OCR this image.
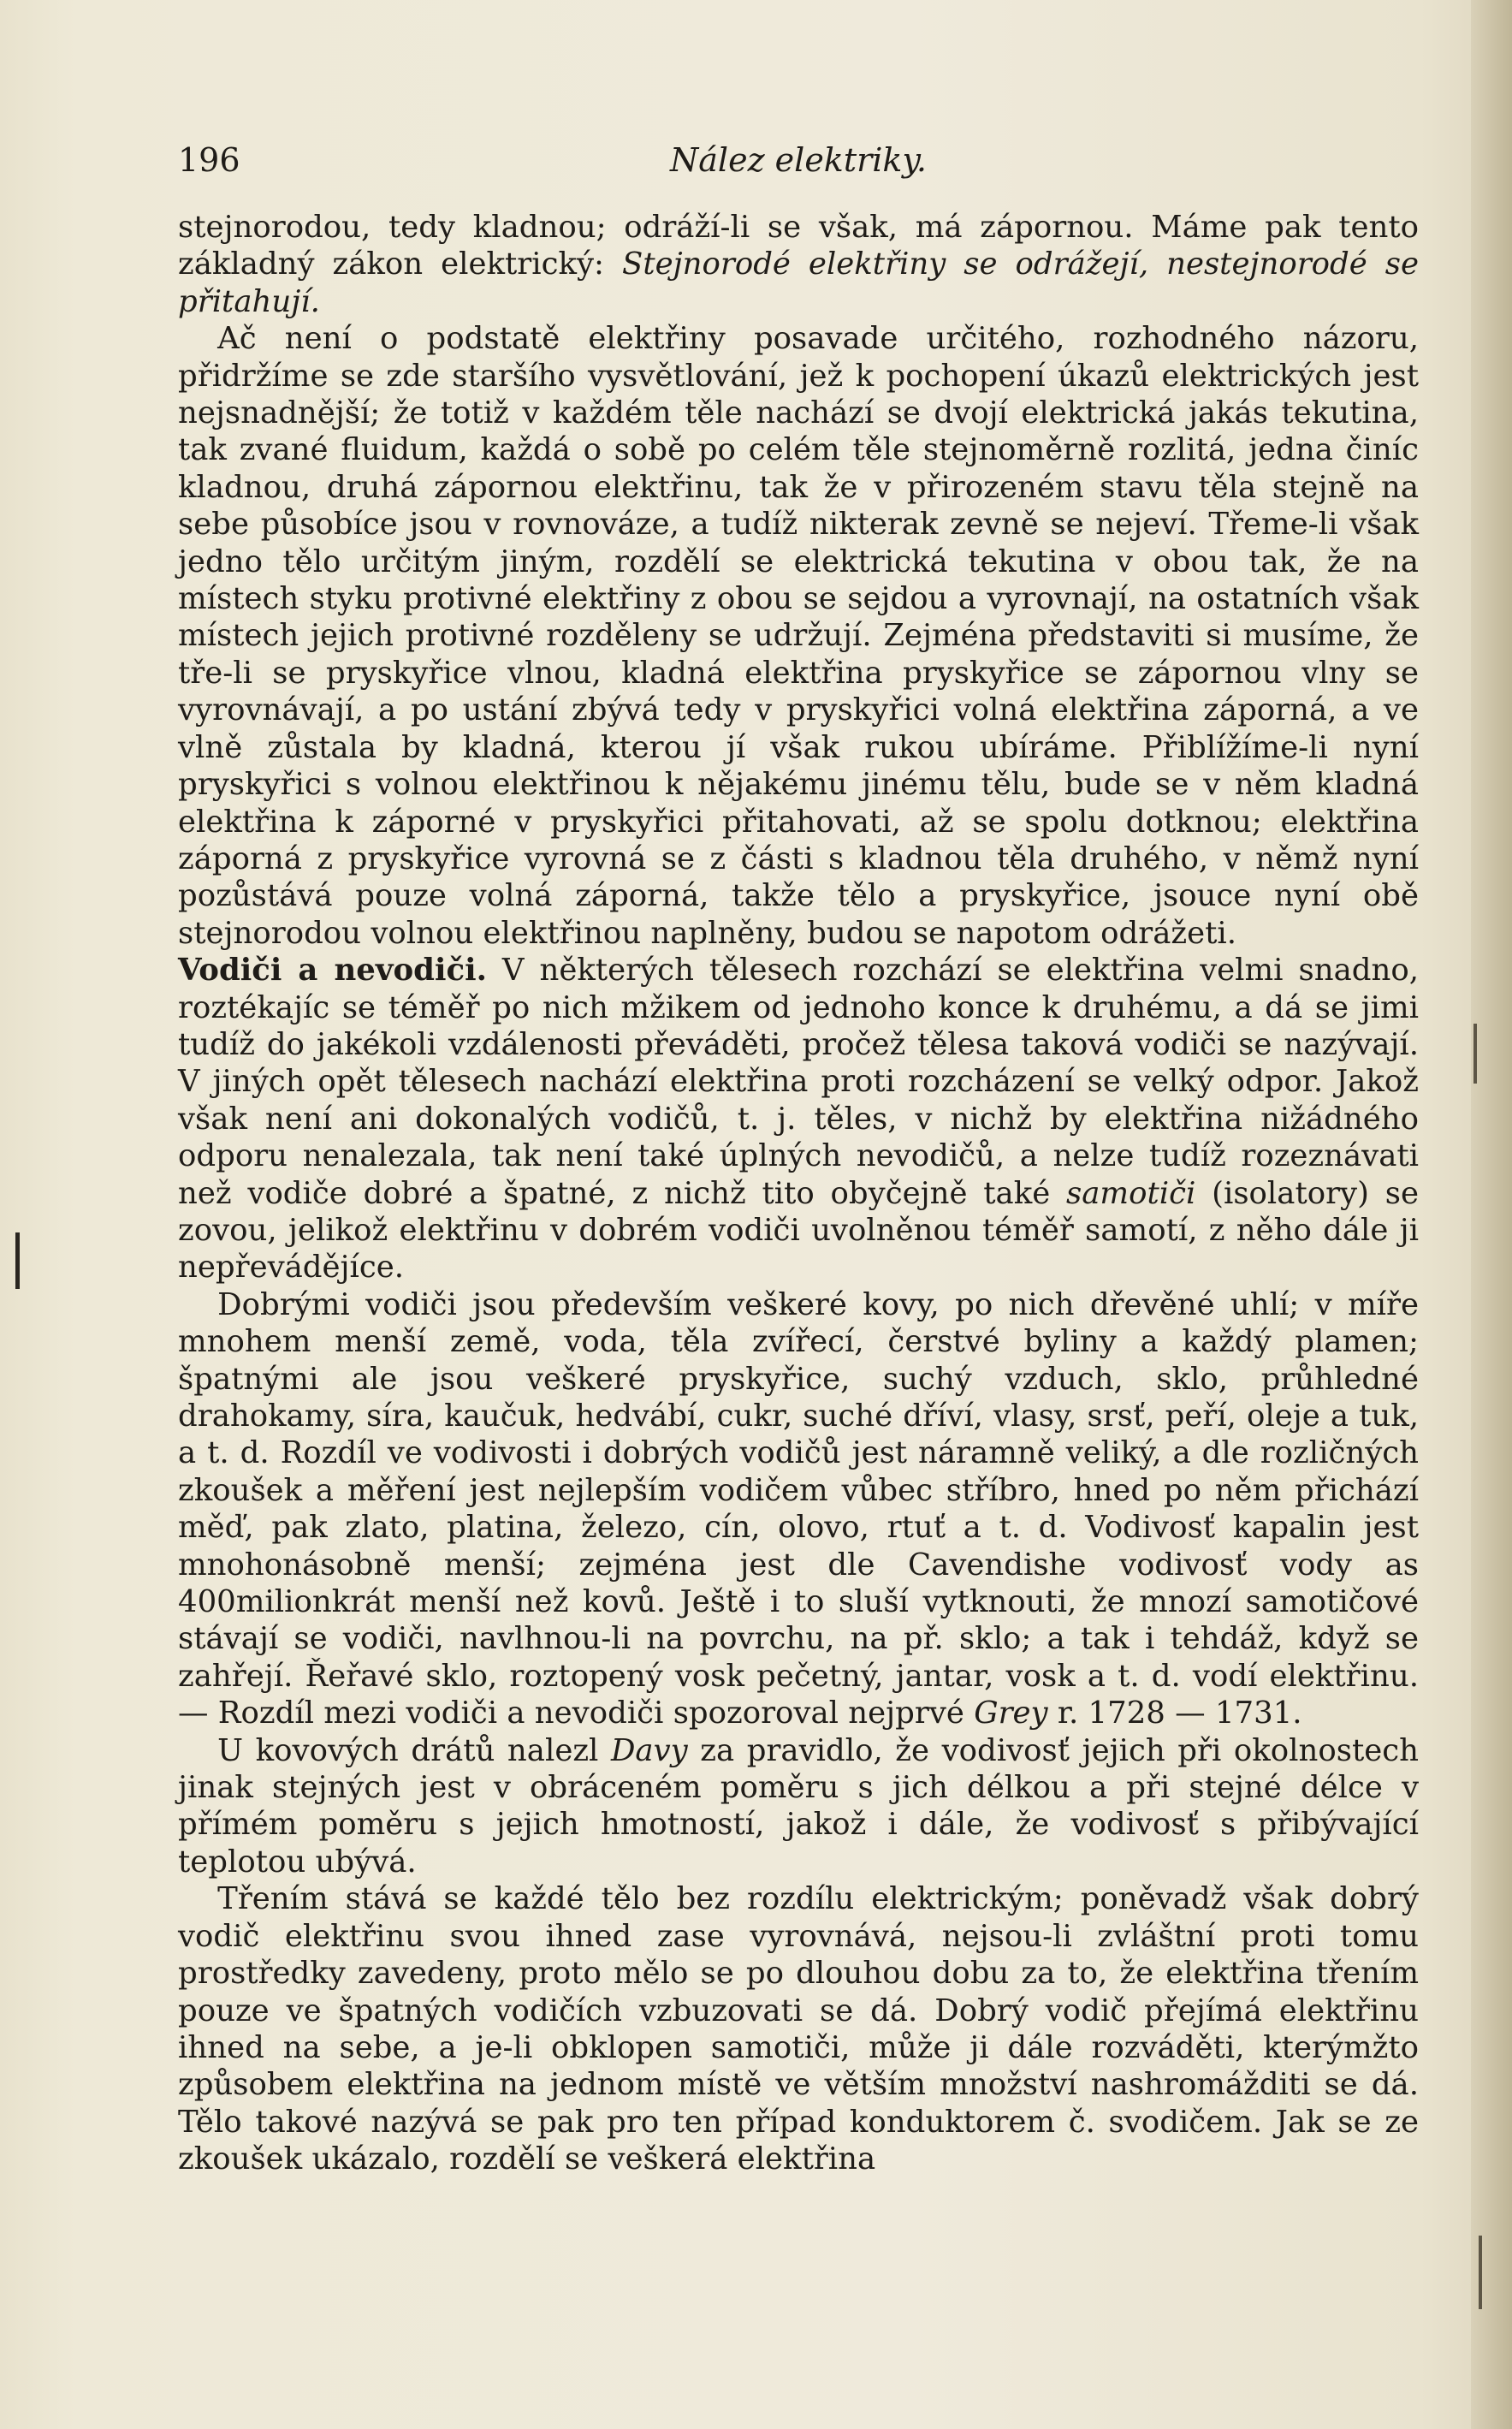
196	Nález elektriky.

stejnorodou, tedy kladnou; odráží-li se však, má zápornou. Máme pak tento základný zákon elektrický: Stejnorodé elektřiny se odrážejí, nestejnorodé se přitahují.

Ač není o podstatě elektřiny posavade určitého, rozhodného názoru, přidržíme se zde staršího vysvětlování, jež k pochopení úkazů elektrických jest nejsnadnější; že totiž v každém těle nachází se dvojí elektrická jakás tekutina, tak zvané fluidum, každá o sobě po celém těle stejnoměrně rozlitá, jedna činíc kladnou, druhá zápornou elektřinu, tak že v přirozeném stavu těla stejně na sebe působíce jsou v rovnováze, a tudíž nikterak zevně se nejeví. Třeme-li však jedno tělo určitým jiným, rozdělí se elektrická tekutina v obou tak, že na místech styku protivné elektřiny z obou se sejdou a vyrovnají, na ostatních však místech jejich protivné rozděleny se udržují. Zejména představiti si musíme, že tře-li se pryskyřice vlnou, kladná elektřina pryskyřice se zápornou vlny se vyrovnávají, a po ustání zbývá tedy v pryskyřici volná elektřina záporná, a ve vlně zůstala by kladná, kterou jí však rukou ubíráme. Přiblížíme-li nyní pryskyřici s volnou elektřinou k nějakému jinému tělu, bude se v něm kladná elektřina k záporné v pryskyřici přitahovati, až se spolu dotknou; elektřina záporná z pryskyřice vyrovná se z části s kladnou těla druhého, v němž nyní pozůstává pouze volná záporná, takže tělo a pryskyřice, jsouce nyní obě stejnorodou volnou elektřinou naplněny, budou se napotom odrážeti.

Vodiči a nevodiči. V některých tělesech rozchází se elektřina velmi snadno, roztékajíc se téměř po nich mžikem od jednoho konce k druhému, a dá se jimi tudíž do jakékoli vzdálenosti převáděti, pročež tělesa taková vodiči se nazývají. V jiných opět tělesech nachází elektřina proti rozcházení se velký odpor. Jakož však není ani dokonalých vodičů, t. j. těles, v nichž by elektřina nižádného odporu nenalezala, tak není také úplných nevodičů, a nelze tudíž rozeznávati než vodiče dobré a špatné, z nichž tito obyčejně také samotiči (isolatory) se zovou, jelikož elektřinu v dobrém vodiči uvolněnou téměř samotí, z něho dále ji nepřevádějíce.

Dobrými vodiči jsou především veškeré kovy, po nich dřevěné uhlí; v míře mnohem menší země, voda, těla zvířecí, čerstvé byliny a každý plamen; špatnými ale jsou veškeré pryskyřice, suchý vzduch, sklo, průhledné drahokamy, síra, kaučuk, hedvábí, cukr, suché dříví, vlasy, srsť, peří, oleje a tuk, a t. d. Rozdíl ve vodivosti i dobrých vodičů jest náramně veliký, a dle rozličných zkoušek a měření jest nejlepším vodičem vůbec stříbro, hned po něm přichází měď, pak zlato, platina, železo, cín, olovo, rtuť a t. d. Vodivosť kapalin jest mnohonásobně menší; zejména jest dle Cavendishe vodivosť vody as 400milionkrát menší než kovů. Ještě i to sluší vytknouti, že mnozí samotičové stávají se vodiči, navlhnou-li na povrchu, na př. sklo; a tak i tehdáž, když se zahřejí. Řeřavé sklo, roztopený vosk pečetný, jantar, vosk a t. d. vodí elektřinu. — Rozdíl mezi vodiči a nevodiči spozoroval nejprvé Grey r. 1728 — 1731.

U kovových drátů nalezl Davy za pravidlo, že vodivosť jejich při okolnostech jinak stejných jest v obráceném poměru s jich délkou a při stejné délce v přímém poměru s jejich hmotností, jakož i dále, že vodivosť s přibývající teplotou ubývá.

Třením stává se každé tělo bez rozdílu elektrickým; poněvadž však dobrý vodič elektřinu svou ihned zase vyrovnává, nejsou-li zvláštní proti tomu prostředky zavedeny, proto mělo se po dlouhou dobu za to, že elektřina třením pouze ve špatných vodičích vzbuzovati se dá. Dobrý vodič přejímá elektřinu ihned na sebe, a je-li obklopen samotiči, může ji dále rozváděti, kterýmžto způsobem elektřina na jednom místě ve větším množství nashromážditi se dá. Tělo takové nazývá se pak pro ten případ konduktorem č. svodičem. Jak se ze zkoušek ukázalo, rozdělí se veškerá elektřina
